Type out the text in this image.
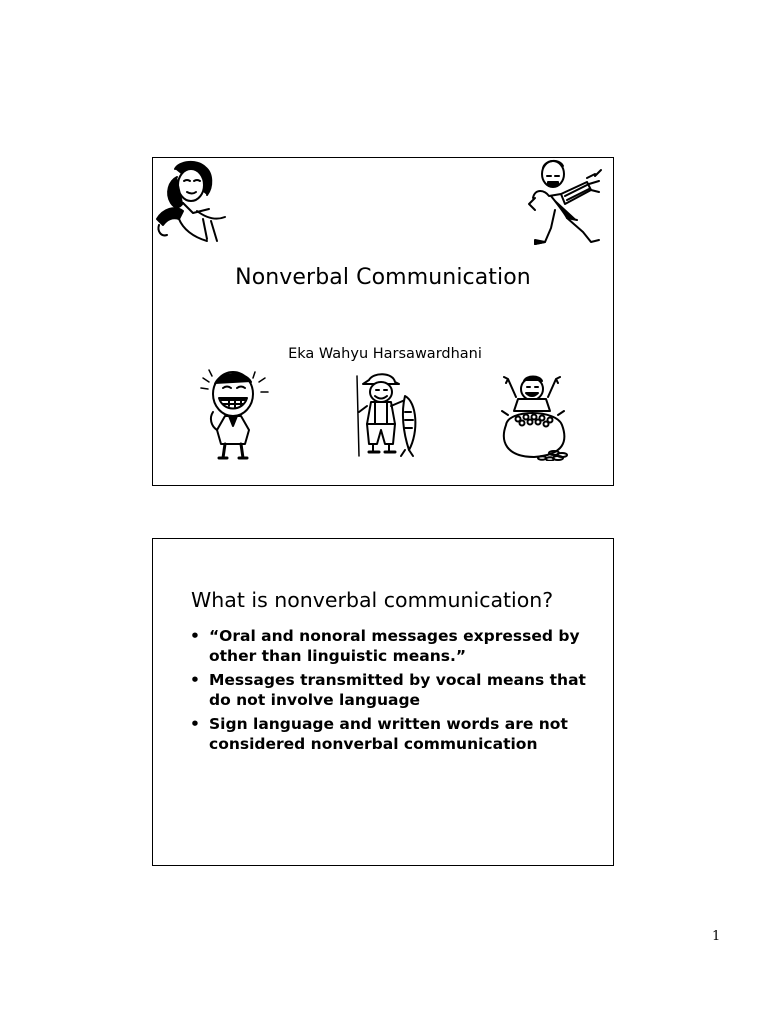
Nonverbal Communication
Eka Wahyu Harsawardhani
What is nonverbal communication?
• “Oral and nonoral messages expressed by other than linguistic means.”
• Messages transmitted by vocal means that do not involve language
• Sign language and written words are not considered nonverbal communication
1
